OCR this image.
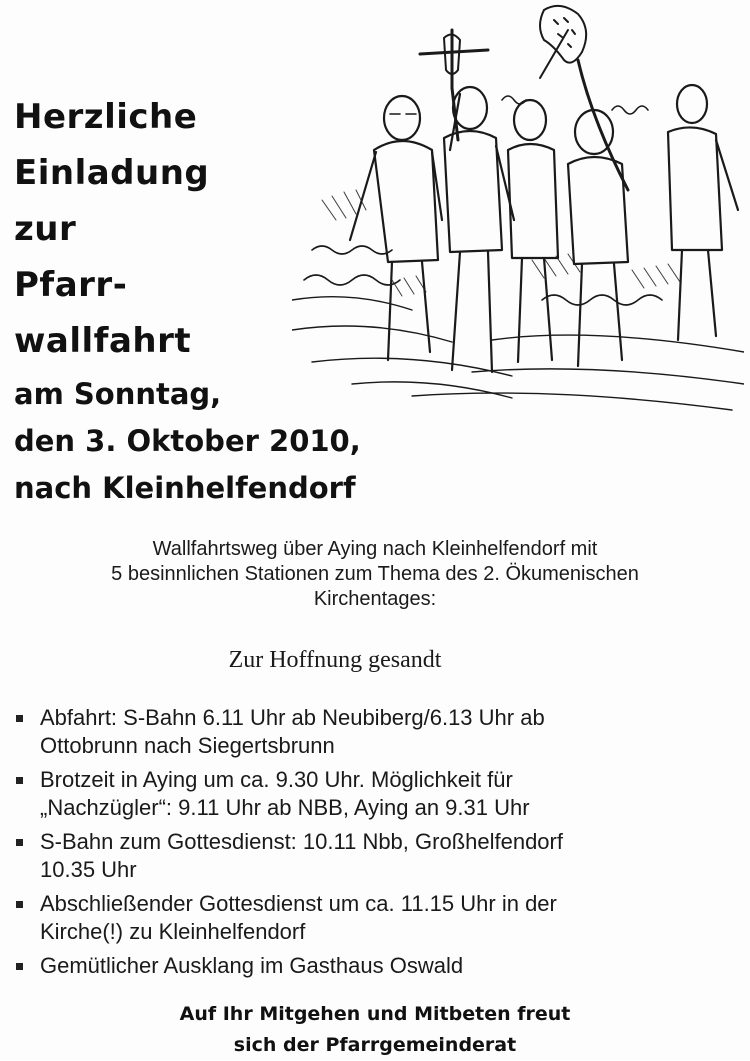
Herzliche
Einladung
zur
Pfarr-
wallfahrt
am Sonntag,
den 3. Oktober 2010,
nach Kleinhelfendorf
Wallfahrtsweg über Aying nach Kleinhelfendorf mit
5 besinnlichen Stationen zum Thema des 2. Ökumenischen
Kirchentages:
Zur Hoffnung gesandt
Abfahrt: S-Bahn 6.11 Uhr ab Neubiberg/6.13 Uhr ab
Ottobrunn nach Siegertsbrunn
Brotzeit in Aying um ca. 9.30 Uhr. Möglichkeit für
„Nachzügler“: 9.11 Uhr ab NBB, Aying an 9.31 Uhr
S-Bahn zum Gottesdienst: 10.11 Nbb, Großhelfendorf
10.35 Uhr
Abschließender Gottesdienst um ca. 11.15 Uhr in der
Kirche(!) zu Kleinhelfendorf
Gemütlicher Ausklang im Gasthaus Oswald
Auf Ihr Mitgehen und Mitbeten freut
sich der Pfarrgemeinderat
